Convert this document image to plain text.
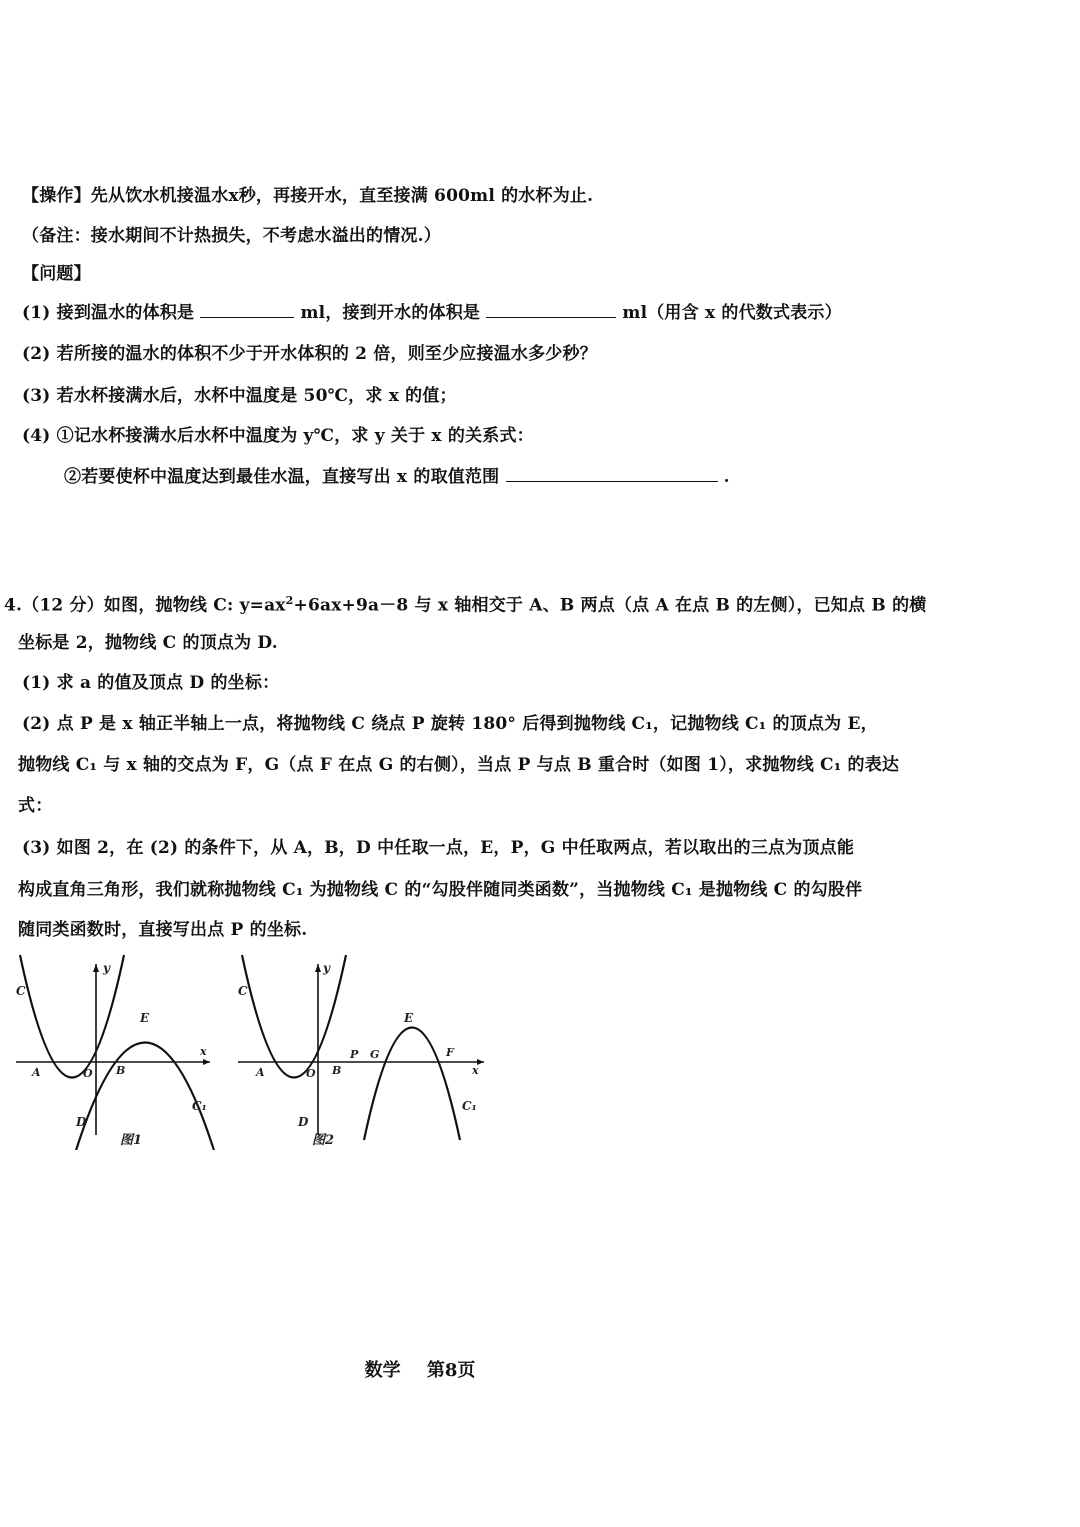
【操作】先从饮水机接温水x秒，再接开水，直至接满 600ml 的水杯为止.
（备注：接水期间不计热损失，不考虑水溢出的情况.）
【问题】
(1) 接到温水的体积是	ml，接到开水的体积是	ml（用含 x 的代数式表示）
(2) 若所接的温水的体积不少于开水体积的 2 倍，则至少应接温水多少秒？
(3) 若水杯接满水后，水杯中温度是 50℃，求 x 的值；
(4) ①记水杯接满水后水杯中温度为 y℃，求 y 关于 x 的关系式：
②若要使杯中温度达到最佳水温，直接写出 x 的取值范围	.
4.（12 分）如图，抛物线 C: $y=ax^2+6ax+9a-8$ 与 x 轴相交于 A、B 两点（点 A 在点 B 的左侧），已知点 B 的横
坐标是 2，抛物线 C 的顶点为 D.
(1) 求 a 的值及顶点 D 的坐标：
(2) 点 P 是 x 轴正半轴上一点，将抛物线 C 绕点 P 旋转 180° 后得到抛物线 C₁，记抛物线 C₁ 的顶点为 E，
抛物线 C₁ 与 x 轴的交点为 F，G（点 F 在点 G 的右侧），当点 P 与点 B 重合时（如图 1），求抛物线 C₁ 的表达
式：
(3) 如图 2，在 (2) 的条件下，从 A，B，D 中任取一点，E，P，G 中任取两点，若以取出的三点为顶点能
构成直角三角形，我们就称抛物线 C₁ 为抛物线 C 的“勾股伴随同类函数”，当抛物线 C₁ 是抛物线 C 的勾股伴
随同类函数时，直接写出点 P 的坐标.
C
y
E
A	O B
x
D
C₁
图1
C
y
E
A	O B
P G	F
x
D
C₁
图2
数学 第8页
